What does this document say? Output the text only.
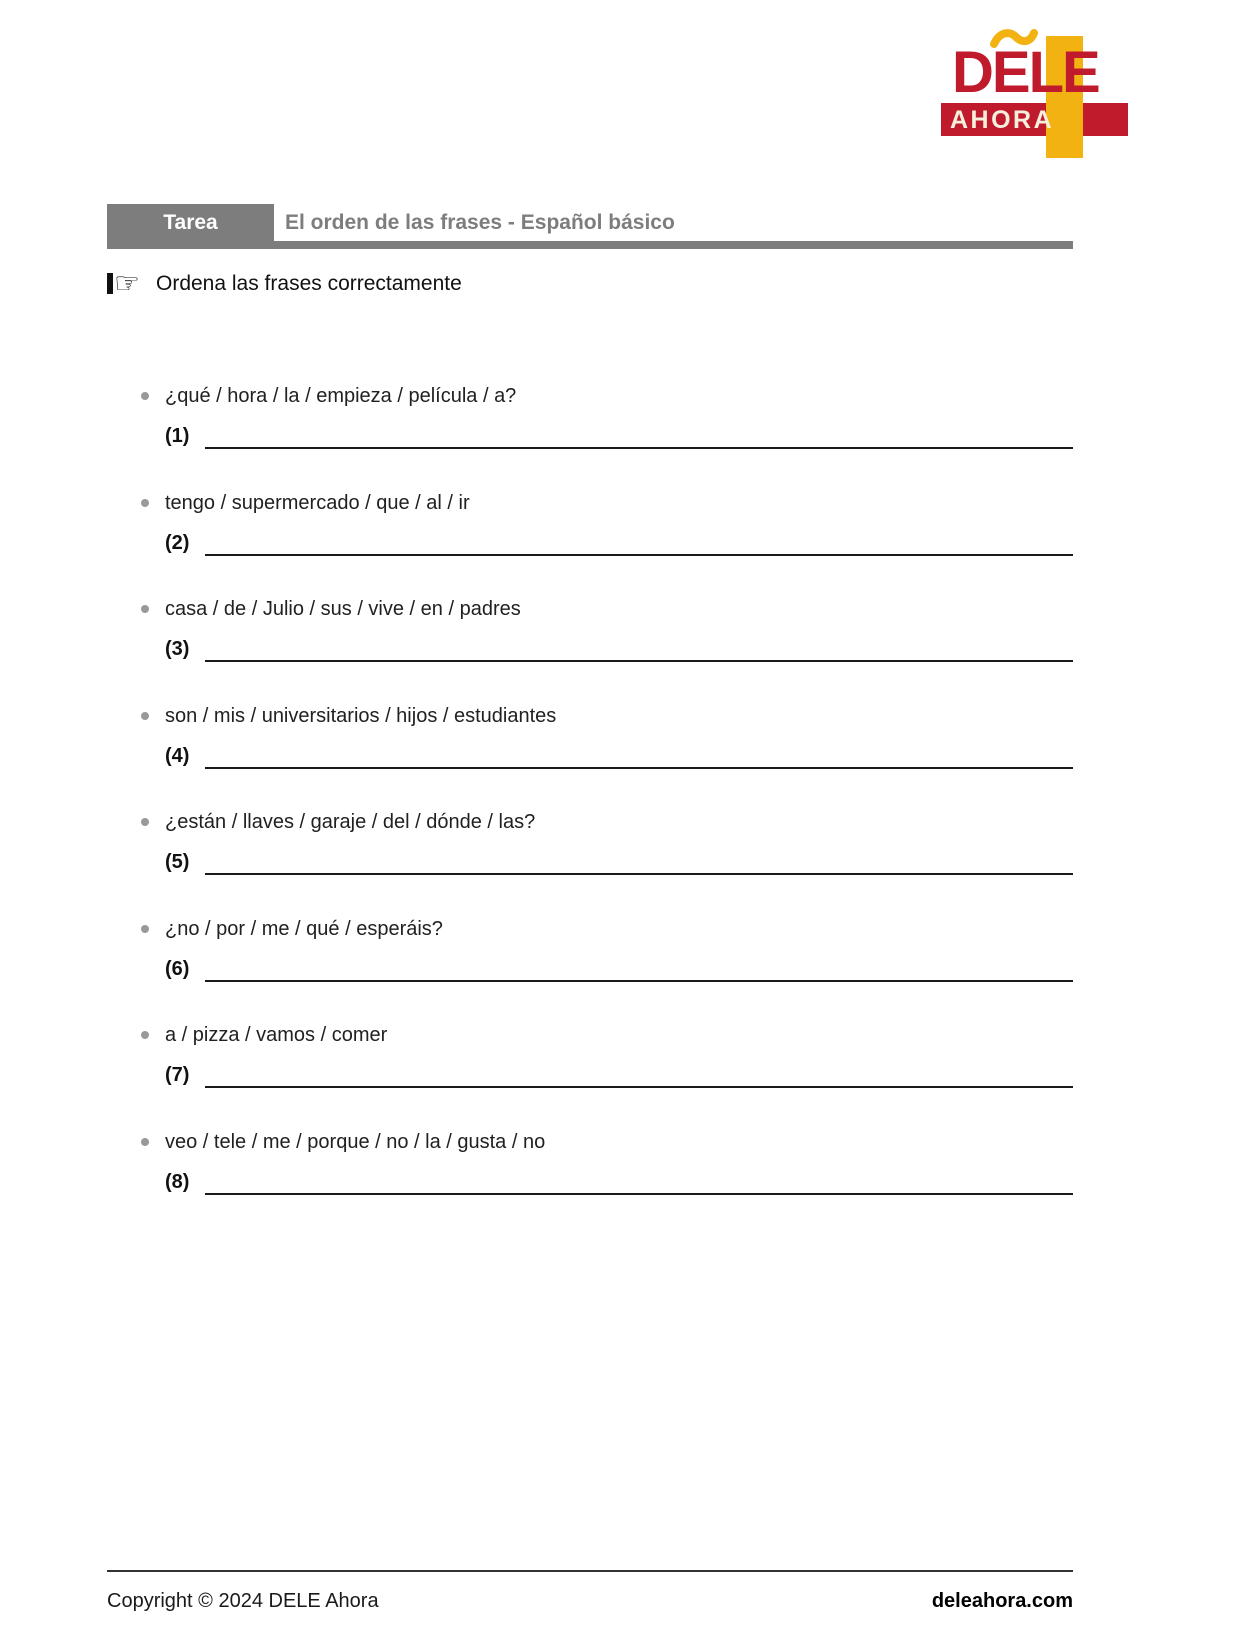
AHORA
D
ELE
Tarea	El orden de las frases - Español básico
☞ Ordena las frases correctamente
¿qué / hora / la / empieza / película / a?
(1)
tengo / supermercado / que / al / ir
(2)
casa / de / Julio / sus / vive / en / padres
(3)
son / mis / universitarios / hijos / estudiantes
(4)
¿están / llaves / garaje / del / dónde / las?
(5)
¿no / por / me / qué / esperáis?
(6)
a / pizza / vamos / comer
(7)
veo / tele / me / porque / no / la / gusta / no
(8)
Copyright © 2024 DELE Ahora	deleahora.com
